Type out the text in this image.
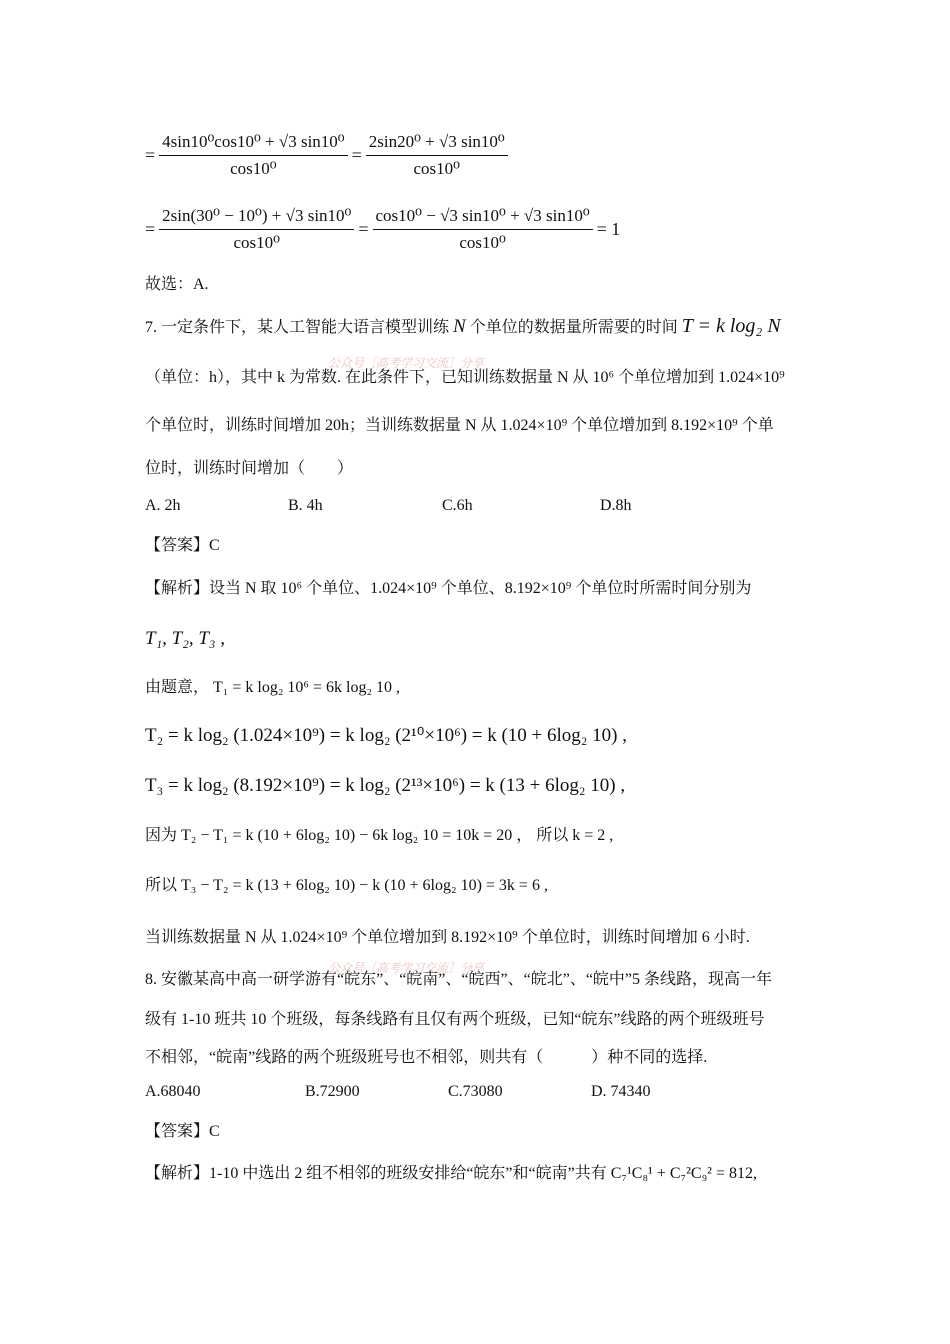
= $\frac{\text{4sin10⁰cos10⁰ + √3 sin10⁰}}{\text{cos10⁰}} = \frac{\text{2sin20⁰ + √3 sin10⁰}}{\text{cos10⁰}}$
= $\frac{\text{2sin(30⁰ − 10⁰) + √3 sin10⁰}}{\text{cos10⁰}} = \frac{\text{cos10⁰ − √3 sin10⁰ + √3 sin10⁰}}{\text{cos10⁰}} = 1$
故选：A.
7. 一定条件下，某人工智能大语言模型训练 N 个单位的数据量所需要的时间 T = k log₂ N
（单位：h），其中 k 为常数. 在此条件下，已知训练数据量 N 从 10⁶ 个单位增加到 1.024×10⁹
个单位时，训练时间增加 20h；当训练数据量 N 从 1.024×10⁹ 个单位增加到 8.192×10⁹ 个单
位时，训练时间增加（　　）
A. 2h	B. 4h	C.6h	D.8h
【答案】C
【解析】设当 N 取 10⁶ 个单位、1.024×10⁹ 个单位、8.192×10⁹ 个单位时所需时间分别为
T₁, T₂, T₃ ,
由题意， T₁ = k log₂ 10⁶ = 6k log₂ 10 ,
T₂ = k log₂ (1.024×10⁹) = k log₂ (2¹⁰×10⁶) = k (10 + 6log₂ 10) ,
T₃ = k log₂ (8.192×10⁹) = k log₂ (2¹³×10⁶) = k (13 + 6log₂ 10) ,
因为 T₂ − T₁ = k (10 + 6log₂ 10) − 6k log₂ 10 = 10k = 20 ， 所以 k = 2 ,
所以 T₃ − T₂ = k (13 + 6log₂ 10) − k (10 + 6log₂ 10) = 3k = 6 ,
当训练数据量 N 从 1.024×10⁹ 个单位增加到 8.192×10⁹ 个单位时，训练时间增加 6 小时.
8. 安徽某高中高一研学游有“皖东”、“皖南”、“皖西”、“皖北”、“皖中”5 条线路，现高一年
级有 1-10 班共 10 个班级，每条线路有且仅有两个班级，已知“皖东”线路的两个班级班号
不相邻，“皖南”线路的两个班级班号也不相邻，则共有（　　　）种不同的选择.
A.68040	B.72900	C.73080	D. 74340
【答案】C
【解析】1-10 中选出 2 组不相邻的班级安排给“皖东”和“皖南”共有 C₇¹C₈¹ + C₇²C₉² = 812,
公众号［高考学习交流］分享
公众号［高考学习交流］分享
